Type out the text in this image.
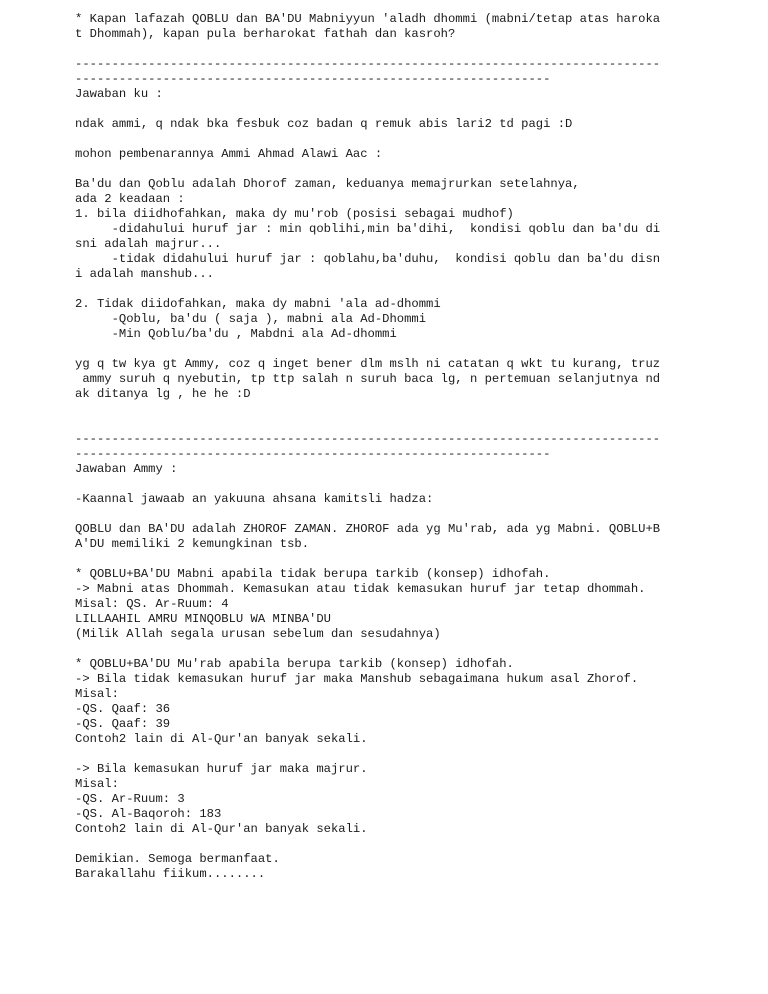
* Kapan lafazah QOBLU dan BA'DU Mabniyyun 'aladh dhommi (mabni/tetap atas haroka
t Dhommah), kapan pula berharokat fathah dan kasroh?
--------------------------------------------------------------------------------
-----------------------------------------------------------------
Jawaban ku :
ndak ammi, q ndak bka fesbuk coz badan q remuk abis lari2 td pagi :D
mohon pembenarannya Ammi Ahmad Alawi Aac :
Ba'du dan Qoblu adalah Dhorof zaman, keduanya memajrurkan setelahnya,
ada 2 keadaan :
1. bila diidhofahkan, maka dy mu'rob (posisi sebagai mudhof)
-didahului huruf jar : min qoblihi,min ba'dihi,  kondisi qoblu dan ba'du di
sni adalah majrur...
-tidak didahului huruf jar : qoblahu,ba'duhu,  kondisi qoblu dan ba'du disn
i adalah manshub...
2. Tidak diidofahkan, maka dy mabni 'ala ad-dhommi
-Qoblu, ba'du ( saja ), mabni ala Ad-Dhommi
-Min Qoblu/ba'du , Mabdni ala Ad-dhommi
yg q tw kya gt Ammy, coz q inget bener dlm mslh ni catatan q wkt tu kurang, truz
ammy suruh q nyebutin, tp ttp salah n suruh baca lg, n pertemuan selanjutnya nd
ak ditanya lg , he he :D
--------------------------------------------------------------------------------
-----------------------------------------------------------------
Jawaban Ammy :
-Kaannal jawaab an yakuuna ahsana kamitsli hadza:
QOBLU dan BA'DU adalah ZHOROF ZAMAN. ZHOROF ada yg Mu'rab, ada yg Mabni. QOBLU+B
A'DU memiliki 2 kemungkinan tsb.
* QOBLU+BA'DU Mabni apabila tidak berupa tarkib (konsep) idhofah.
-> Mabni atas Dhommah. Kemasukan atau tidak kemasukan huruf jar tetap dhommah.
Misal: QS. Ar-Ruum: 4
LILLAAHIL AMRU MINQOBLU WA MINBA'DU
(Milik Allah segala urusan sebelum dan sesudahnya)
* QOBLU+BA'DU Mu'rab apabila berupa tarkib (konsep) idhofah.
-> Bila tidak kemasukan huruf jar maka Manshub sebagaimana hukum asal Zhorof.
Misal:
-QS. Qaaf: 36
-QS. Qaaf: 39
Contoh2 lain di Al-Qur'an banyak sekali.
-> Bila kemasukan huruf jar maka majrur.
Misal:
-QS. Ar-Ruum: 3
-QS. Al-Baqoroh: 183
Contoh2 lain di Al-Qur'an banyak sekali.
Demikian. Semoga bermanfaat.
Barakallahu fiikum........
